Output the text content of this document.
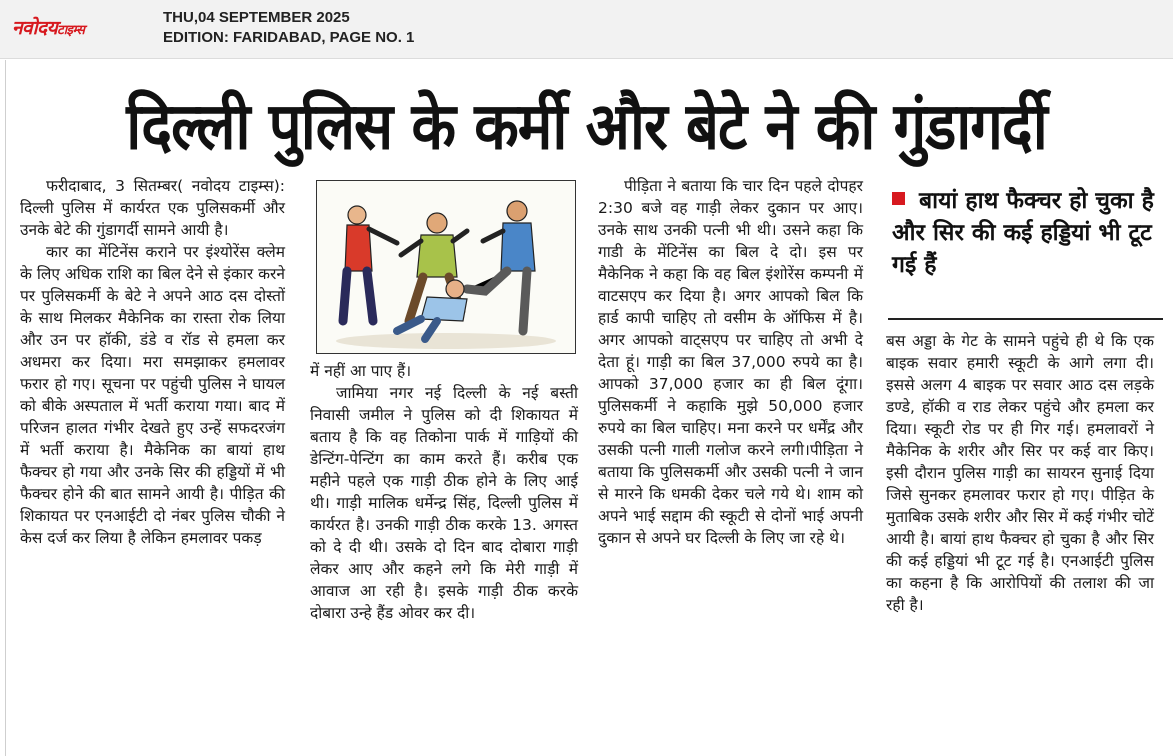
नवोदयटाइम्स
THU,04 SEPTEMBER 2025
EDITION: FARIDABAD, PAGE NO. 1
दिल्ली पुलिस के कर्मी और बेटे ने की गुंडागर्दी

फरीदाबाद, 3 सितम्बर( नवोदय टाइम्स): दिल्ली पुलिस में कार्यरत एक पुलिसकर्मी और उनके बेटे की गुंडागर्दी सामने आयी है।

कार का मेंटिनेंस कराने पर इंश्योरेंस क्लेम के लिए अधिक राशि का बिल देने से इंकार करने पर पुलिसकर्मी के बेटे ने अपने आठ दस दोस्तों के साथ मिलकर मैकेनिक का रास्ता रोक लिया और उन पर हॉकी, डंडे व रॉड से हमला कर अधमरा कर दिया। मरा समझाकर हमलावर फरार हो गए। सूचना पर पहुंची पुलिस ने घायल को बीके अस्पताल में भर्ती कराया गया। बाद में परिजन हालत गंभीर देखते हुए उन्हें सफदरजंग में भर्ती कराया है। मैकेनिक का बायां हाथ फैक्चर हो गया और उनके सिर की हड्डियों में भी फैक्चर होने की बात सामने आयी है। पीड़ित की शिकायत पर एनआईटी दो नंबर पुलिस चौकी ने केस दर्ज कर लिया है लेकिन हमलावर पकड़

में नहीं आ पाए हैं।

जामिया नगर नई दिल्ली के नई बस्ती निवासी जमील ने पुलिस को दी शिकायत में बताय है कि वह तिकोना पार्क में गाड़ियों की डेन्टिंग-पेन्टिंग का काम करते हैं। करीब एक महीने पहले एक गाड़ी ठीक होने के लिए आई थी। गाड़ी मालिक धर्मेन्द्र सिंह, दिल्ली पुलिस में कार्यरत है। उनकी गाड़ी ठीक करके 13. अगस्त को दे दी थी। उसके दो दिन बाद दोबारा गाड़ी लेकर आए और कहने लगे कि मेरी गाड़ी में आवाज आ रही है। इसके गाड़ी ठीक करके दोबारा उन्हे हैंड ओवर कर दी।

पीड़िता ने बताया कि चार दिन पहले दोपहर 2:30 बजे वह गाड़ी लेकर दुकान पर आए। उनके साथ उनकी पत्नी भी थी। उसने कहा कि गाडी के मेंटिनेंस का बिल दे दो। इस पर मैकेनिक ने कहा कि वह बिल इंशोरेंस कम्पनी में वाटसएप कर दिया है। अगर आपको बिल कि हार्ड कापी चाहिए तो वसीम के ऑफिस में है। अगर आपको वाट्सएप पर चाहिए तो अभी दे देता हूं। गाड़ी का बिल 37,000 रुपये का है। आपको 37,000 हजार का ही बिल दूंगा। पुलिसकर्मी ने कहाकि मुझे 50,000 हजार रुपये का बिल चाहिए। मना करने पर धर्मेंद्र और उसकी पत्नी गाली गलोज करने लगी।पीड़िता ने बताया कि पुलिसकर्मी और उसकी पत्नी ने जान से मारने कि धमकी देकर चले गये थे। शाम को अपने भाई सद्दाम की स्कूटी से दोनों भाई अपनी दुकान से अपने घर दिल्ली के लिए जा रहे थे।

बायां हाथ फैक्चर हो चुका है और सिर की कई हड्डियां भी टूट गई हैं

बस अड्डा के गेट के सामने पहुंचे ही थे कि एक बाइक सवार हमारी स्कूटी के आगे लगा दी। इससे अलग 4 बाइक पर सवार आठ दस लड़के डण्डे, हॉकी व राड लेकर पहुंचे और हमला कर दिया। स्कूटी रोड पर ही गिर गई। हमलावरों ने मैकेनिक के शरीर और सिर पर कई वार किए। इसी दौरान पुलिस गाड़ी का सायरन सुनाई दिया जिसे सुनकर हमलावर फरार हो गए। पीड़ित के मुताबिक उसके शरीर और सिर में कई गंभीर चोटें आयी है। बायां हाथ फैक्चर हो चुका है और सिर की कई हड्डियां भी टूट गई है। एनआईटी पुलिस का कहना है कि आरोपियों की तलाश की जा रही है।
